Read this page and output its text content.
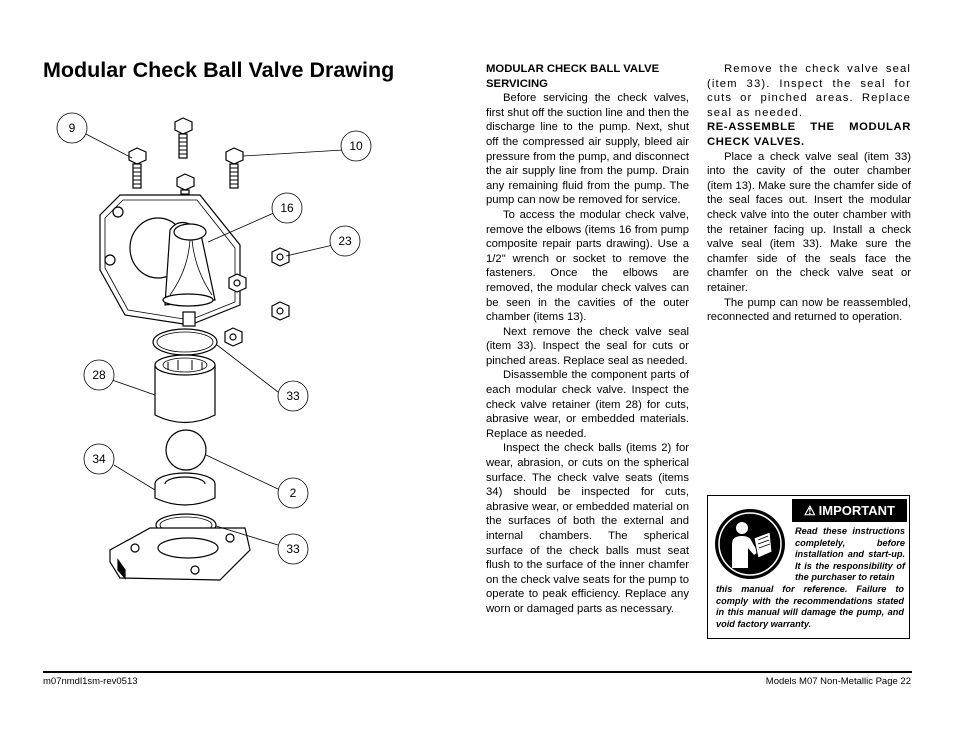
Modular Check Ball Valve Drawing
9
10
16
23
28
33
34
2
33

MODULAR CHECK BALL VALVE SERVICING

Before servicing the check valves, first shut off the suction line and then the discharge line to the pump. Next, shut off the compressed air supply, bleed air pressure from the pump, and disconnect the air supply line from the pump. Drain any remaining fluid from the pump. The pump can now be removed for service.

To access the modular check valve, remove the elbows (items 16 from pump composite repair parts drawing). Use a 1/2" wrench or socket to remove the fasteners. Once the elbows are removed, the modular check valves can be seen in the cavities of the outer chamber (items 13).

Next remove the check valve seal (item 33). Inspect the seal for cuts or pinched areas. Replace seal as needed.

Disassemble the component parts of each modular check valve. Inspect the check valve retainer (item 28) for cuts, abrasive wear, or embedded materials. Replace as needed.

Inspect the check balls (items 2) for wear, abrasion, or cuts on the spherical surface. The check valve seats (items 34) should be inspected for cuts, abrasive wear, or embedded material on the surfaces of both the external and internal chambers. The spherical surface of the check balls must seat flush to the surface of the inner chamfer on the check valve seats for the pump to operate to peak efficiency. Replace any worn or damaged parts as necessary.

Remove the check valve seal (item 33). Inspect the seal for cuts or pinched areas. Replace seal as needed.

RE-ASSEMBLE THE MODULAR CHECK VALVES.

Place a check valve seal (item 33) into the cavity of the outer chamber (item 13). Make sure the chamfer side of the seal faces out. Insert the modular check valve into the outer chamber with the retainer facing up. Install a check valve seal (item 33). Make sure the chamfer side of the seals face the chamfer on the check valve seat or retainer.

The pump can now be reassembled, reconnected and returned to operation.

⚠ IMPORTANT
Read these instructions completely, before installation and start-up. It is the responsibility of the purchaser to retain
this manual for reference. Failure to comply with the recommendations stated in this manual will damage the pump, and void factory warranty.
m07nmdl1sm-rev0513	Models M07 Non-Metallic Page 22
